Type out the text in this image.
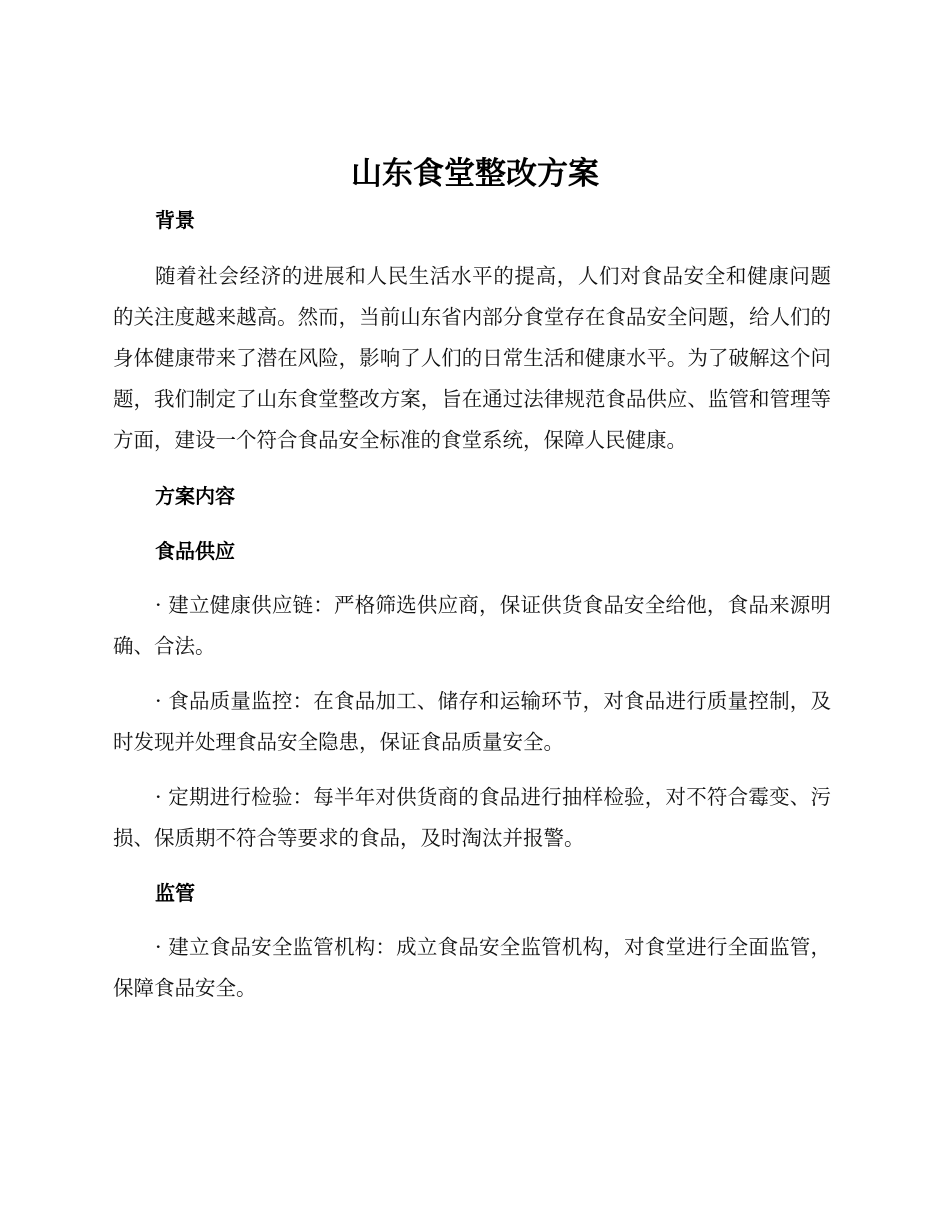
山东食堂整改方案
背景

随着社会经济的进展和人民生活水平的提高，人们对食品安全和健康问题的关注度越来越高。然而，当前山东省内部分食堂存在食品安全问题，给人们的身体健康带来了潜在风险，影响了人们的日常生活和健康水平。为了破解这个问题，我们制定了山东食堂整改方案，旨在通过法律规范食品供应、监管和管理等方面，建设一个符合食品安全标准的食堂系统，保障人民健康。

方案内容
食品供应

· 建立健康供应链：严格筛选供应商，保证供货食品安全给他，食品来源明确、合法。

· 食品质量监控：在食品加工、储存和运输环节，对食品进行质量控制，及时发现并处理食品安全隐患，保证食品质量安全。

· 定期进行检验：每半年对供货商的食品进行抽样检验，对不符合霉变、污损、保质期不符合等要求的食品，及时淘汰并报警。

监管

· 建立食品安全监管机构：成立食品安全监管机构，对食堂进行全面监管，保障食品安全。
